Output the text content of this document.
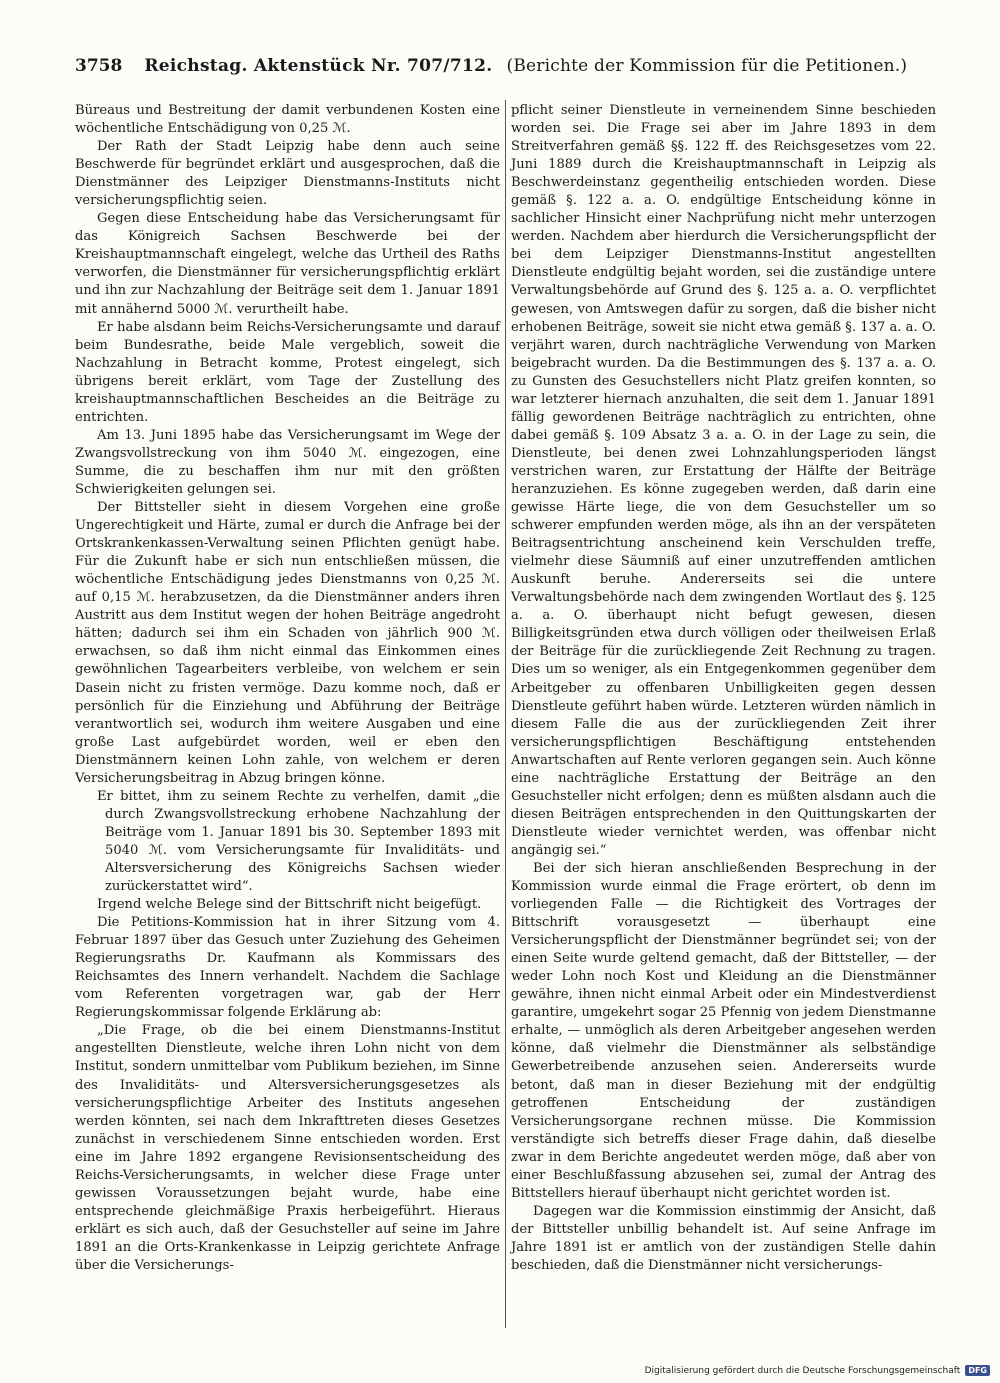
3758 Reichstag. Aktenstück Nr. 707/712. (Berichte der Kommission für die Petitionen.)

Büreaus und Bestreitung der damit verbundenen Kosten eine wöchentliche Entschädigung von 0,25 ℳ.

Der Rath der Stadt Leipzig habe denn auch seine Beschwerde für begründet erklärt und ausgesprochen, daß die Dienstmänner des Leipziger Dienstmanns-Instituts nicht versicherungspflichtig seien.

Gegen diese Entscheidung habe das Versicherungsamt für das Königreich Sachsen Beschwerde bei der Kreishauptmannschaft eingelegt, welche das Urtheil des Raths verworfen, die Dienstmänner für versicherungspflichtig erklärt und ihn zur Nachzahlung der Beiträge seit dem 1. Januar 1891 mit annähernd 5000 ℳ. verurtheilt habe.

Er habe alsdann beim Reichs-Versicherungsamte und darauf beim Bundesrathe, beide Male vergeblich, soweit die Nachzahlung in Betracht komme, Protest eingelegt, sich übrigens bereit erklärt, vom Tage der Zustellung des kreishauptmannschaftlichen Bescheides an die Beiträge zu entrichten.

Am 13. Juni 1895 habe das Versicherungsamt im Wege der Zwangsvollstreckung von ihm 5040 ℳ. eingezogen, eine Summe, die zu beschaffen ihm nur mit den größten Schwierigkeiten gelungen sei.

Der Bittsteller sieht in diesem Vorgehen eine große Ungerechtigkeit und Härte, zumal er durch die Anfrage bei der Ortskrankenkassen-Verwaltung seinen Pflichten genügt habe. Für die Zukunft habe er sich nun entschließen müssen, die wöchentliche Entschädigung jedes Dienstmanns von 0,25 ℳ. auf 0,15 ℳ. herabzusetzen, da die Dienstmänner anders ihren Austritt aus dem Institut wegen der hohen Beiträge angedroht hätten; dadurch sei ihm ein Schaden von jährlich 900 ℳ. erwachsen, so daß ihm nicht einmal das Einkommen eines gewöhnlichen Tagearbeiters verbleibe, von welchem er sein Dasein nicht zu fristen vermöge. Dazu komme noch, daß er persönlich für die Einziehung und Abführung der Beiträge verantwortlich sei, wodurch ihm weitere Ausgaben und eine große Last aufgebürdet worden, weil er eben den Dienstmännern keinen Lohn zahle, von welchem er deren Versicherungsbeitrag in Abzug bringen könne.

Er bittet, ihm zu seinem Rechte zu verhelfen, damit „die durch Zwangsvollstreckung erhobene Nachzahlung der Beiträge vom 1. Januar 1891 bis 30. September 1893 mit 5040 ℳ. vom Versicherungsamte für Invaliditäts- und Altersversicherung des Königreichs Sachsen wieder zurückerstattet wird“.

Irgend welche Belege sind der Bittschrift nicht beigefügt.

Die Petitions-Kommission hat in ihrer Sitzung vom 4. Februar 1897 über das Gesuch unter Zuziehung des Geheimen Regierungsraths Dr. Kaufmann als Kommissars des Reichsamtes des Innern verhandelt. Nachdem die Sachlage vom Referenten vorgetragen war, gab der Herr Regierungskommissar folgende Erklärung ab:

„Die Frage, ob die bei einem Dienstmanns-Institut angestellten Dienstleute, welche ihren Lohn nicht von dem Institut, sondern unmittelbar vom Publikum beziehen, im Sinne des Invaliditäts- und Altersversicherungsgesetzes als versicherungspflichtige Arbeiter des Instituts angesehen werden könnten, sei nach dem Inkrafttreten dieses Gesetzes zunächst in verschiedenem Sinne entschieden worden. Erst eine im Jahre 1892 ergangene Revisionsentscheidung des Reichs-Versicherungsamts, in welcher diese Frage unter gewissen Voraussetzungen bejaht wurde, habe eine entsprechende gleichmäßige Praxis herbeigeführt. Hieraus erklärt es sich auch, daß der Gesuchsteller auf seine im Jahre 1891 an die Orts-Krankenkasse in Leipzig gerichtete Anfrage über die Versicherungs-

pflicht seiner Dienstleute in verneinendem Sinne beschieden worden sei. Die Frage sei aber im Jahre 1893 in dem Streitverfahren gemäß §§. 122 ff. des Reichsgesetzes vom 22. Juni 1889 durch die Kreishauptmannschaft in Leipzig als Beschwerdeinstanz gegentheilig entschieden worden. Diese gemäß §. 122 a. a. O. endgültige Entscheidung könne in sachlicher Hinsicht einer Nachprüfung nicht mehr unterzogen werden. Nachdem aber hierdurch die Versicherungspflicht der bei dem Leipziger Dienstmanns-Institut angestellten Dienstleute endgültig bejaht worden, sei die zuständige untere Verwaltungsbehörde auf Grund des §. 125 a. a. O. verpflichtet gewesen, von Amtswegen dafür zu sorgen, daß die bisher nicht erhobenen Beiträge, soweit sie nicht etwa gemäß §. 137 a. a. O. verjährt waren, durch nachträgliche Verwendung von Marken beigebracht wurden. Da die Bestimmungen des §. 137 a. a. O. zu Gunsten des Gesuchstellers nicht Platz greifen konnten, so war letzterer hiernach anzuhalten, die seit dem 1. Januar 1891 fällig gewordenen Beiträge nachträglich zu entrichten, ohne dabei gemäß §. 109 Absatz 3 a. a. O. in der Lage zu sein, die Dienstleute, bei denen zwei Lohnzahlungsperioden längst verstrichen waren, zur Erstattung der Hälfte der Beiträge heranzuziehen. Es könne zugegeben werden, daß darin eine gewisse Härte liege, die von dem Gesuchsteller um so schwerer empfunden werden möge, als ihn an der verspäteten Beitragsentrichtung anscheinend kein Verschulden treffe, vielmehr diese Säumniß auf einer unzutreffenden amtlichen Auskunft beruhe. Andererseits sei die untere Verwaltungsbehörde nach dem zwingenden Wortlaut des §. 125 a. a. O. überhaupt nicht befugt gewesen, diesen Billigkeitsgründen etwa durch völligen oder theilweisen Erlaß der Beiträge für die zurückliegende Zeit Rechnung zu tragen. Dies um so weniger, als ein Entgegenkommen gegenüber dem Arbeitgeber zu offenbaren Unbilligkeiten gegen dessen Dienstleute geführt haben würde. Letzteren würden nämlich in diesem Falle die aus der zurückliegenden Zeit ihrer versicherungspflichtigen Beschäftigung entstehenden Anwartschaften auf Rente verloren gegangen sein. Auch könne eine nachträgliche Erstattung der Beiträge an den Gesuchsteller nicht erfolgen; denn es müßten alsdann auch die diesen Beiträgen entsprechenden in den Quittungskarten der Dienstleute wieder vernichtet werden, was offenbar nicht angängig sei.“

Bei der sich hieran anschließenden Besprechung in der Kommission wurde einmal die Frage erörtert, ob denn im vorliegenden Falle — die Richtigkeit des Vortrages der Bittschrift vorausgesetzt — überhaupt eine Versicherungspflicht der Dienstmänner begründet sei; von der einen Seite wurde geltend gemacht, daß der Bittsteller, — der weder Lohn noch Kost und Kleidung an die Dienstmänner gewähre, ihnen nicht einmal Arbeit oder ein Mindestverdienst garantire, umgekehrt sogar 25 Pfennig von jedem Dienstmanne erhalte, — unmöglich als deren Arbeitgeber angesehen werden könne, daß vielmehr die Dienstmänner als selbständige Gewerbetreibende anzusehen seien. Andererseits wurde betont, daß man in dieser Beziehung mit der endgültig getroffenen Entscheidung der zuständigen Versicherungsorgane rechnen müsse. Die Kommission verständigte sich betreffs dieser Frage dahin, daß dieselbe zwar in dem Berichte angedeutet werden möge, daß aber von einer Beschlußfassung abzusehen sei, zumal der Antrag des Bittstellers hierauf überhaupt nicht gerichtet worden ist.

Dagegen war die Kommission einstimmig der Ansicht, daß der Bittsteller unbillig behandelt ist. Auf seine Anfrage im Jahre 1891 ist er amtlich von der zuständigen Stelle dahin beschieden, daß die Dienstmänner nicht versicherungs-

Digitalisierung gefördert durch die Deutsche Forschungsgemeinschaft	DFG
